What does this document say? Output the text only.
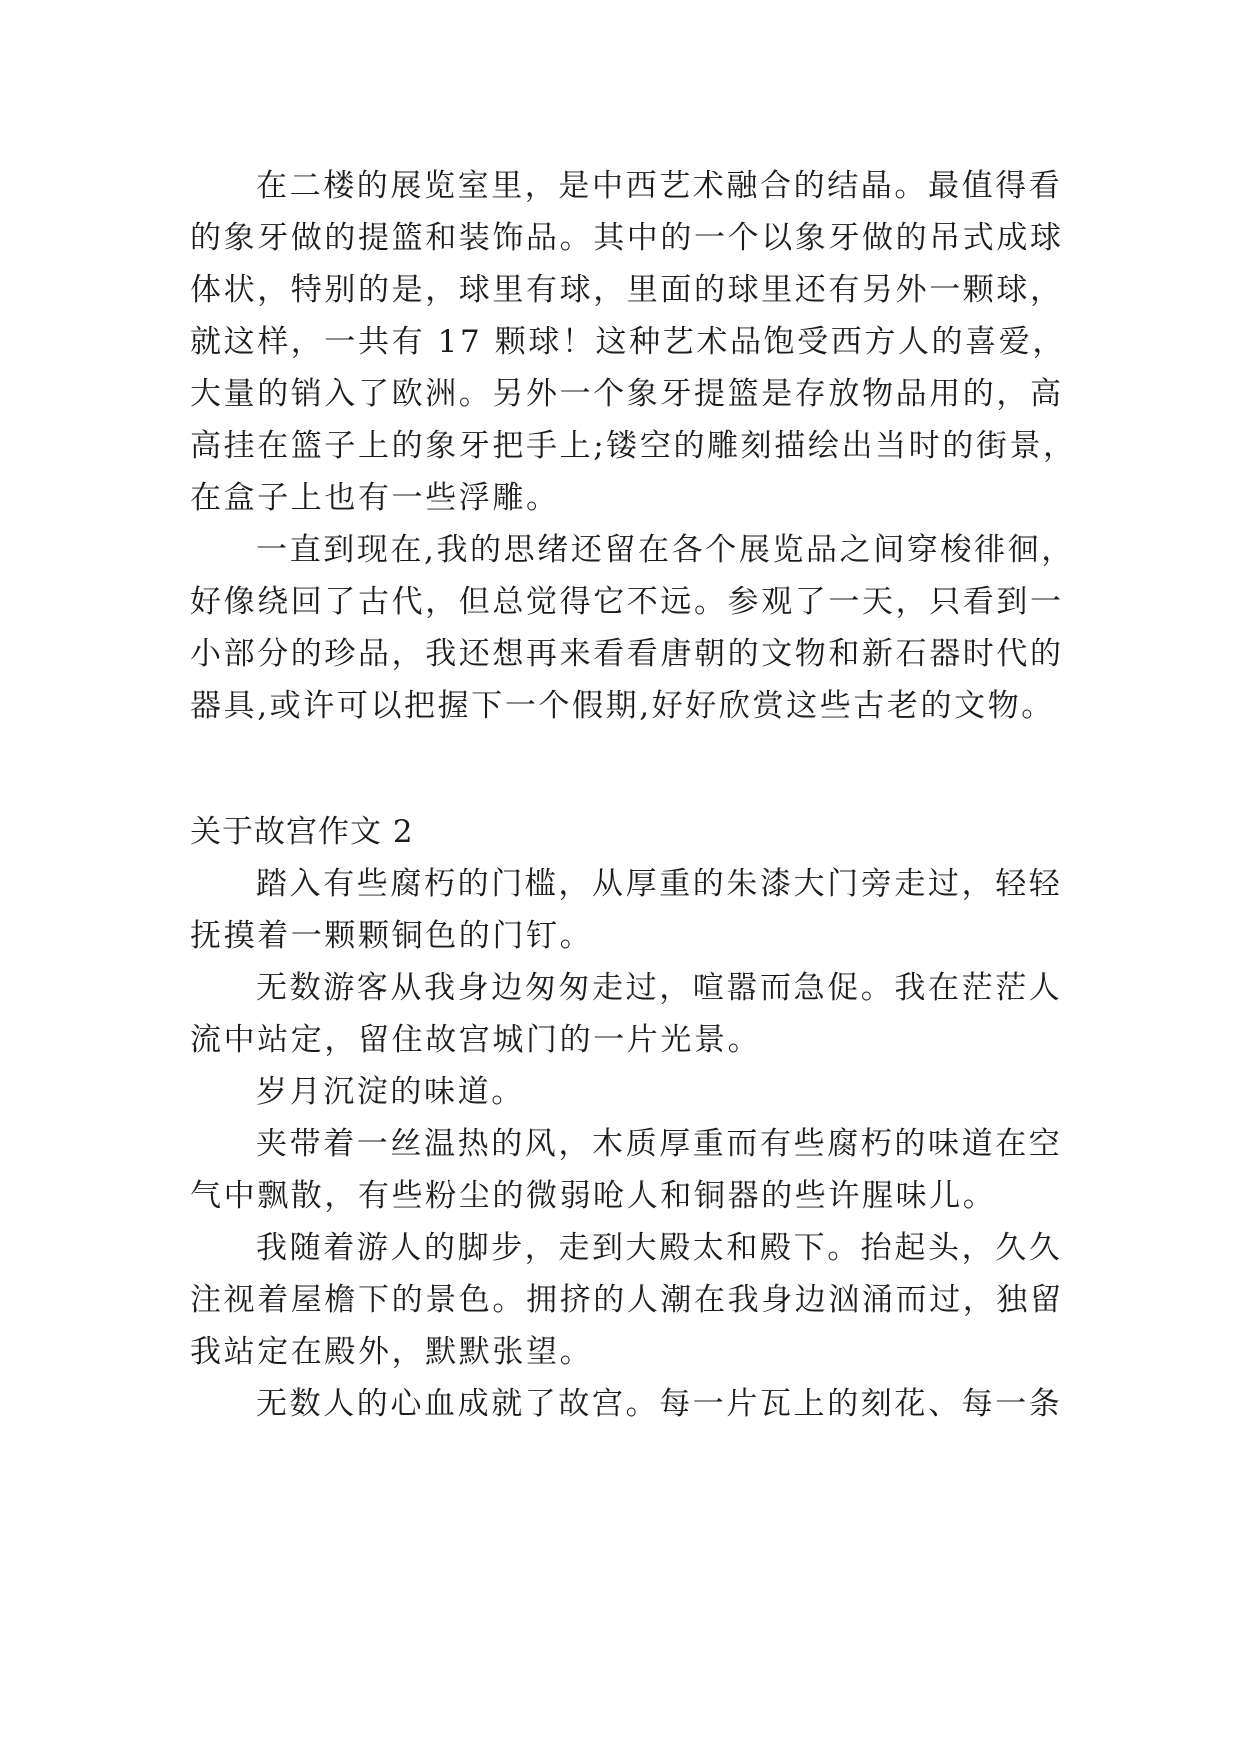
在二楼的展览室里，是中西艺术融合的结晶。最值得看
的象牙做的提篮和装饰品。其中的一个以象牙做的吊式成球
体状，特别的是，球里有球，里面的球里还有另外一颗球，
就这样，一共有 17 颗球！这种艺术品饱受西方人的喜爱，
大量的销入了欧洲。另外一个象牙提篮是存放物品用的，高
高挂在篮子上的象牙把手上;镂空的雕刻描绘出当时的街景，
在盒子上也有一些浮雕。
一直到现在,我的思绪还留在各个展览品之间穿梭徘徊，
好像绕回了古代，但总觉得它不远。参观了一天，只看到一
小部分的珍品，我还想再来看看唐朝的文物和新石器时代的
器具,或许可以把握下一个假期,好好欣赏这些古老的文物。
关于故宫作文 2
踏入有些腐朽的门槛，从厚重的朱漆大门旁走过，轻轻
抚摸着一颗颗铜色的门钉。
无数游客从我身边匆匆走过，喧嚣而急促。我在茫茫人
流中站定，留住故宫城门的一片光景。
岁月沉淀的味道。
夹带着一丝温热的风，木质厚重而有些腐朽的味道在空
气中飘散，有些粉尘的微弱呛人和铜器的些许腥味儿。
我随着游人的脚步，走到大殿太和殿下。抬起头，久久
注视着屋檐下的景色。拥挤的人潮在我身边汹涌而过，独留
我站定在殿外，默默张望。
无数人的心血成就了故宫。每一片瓦上的刻花、每一条
